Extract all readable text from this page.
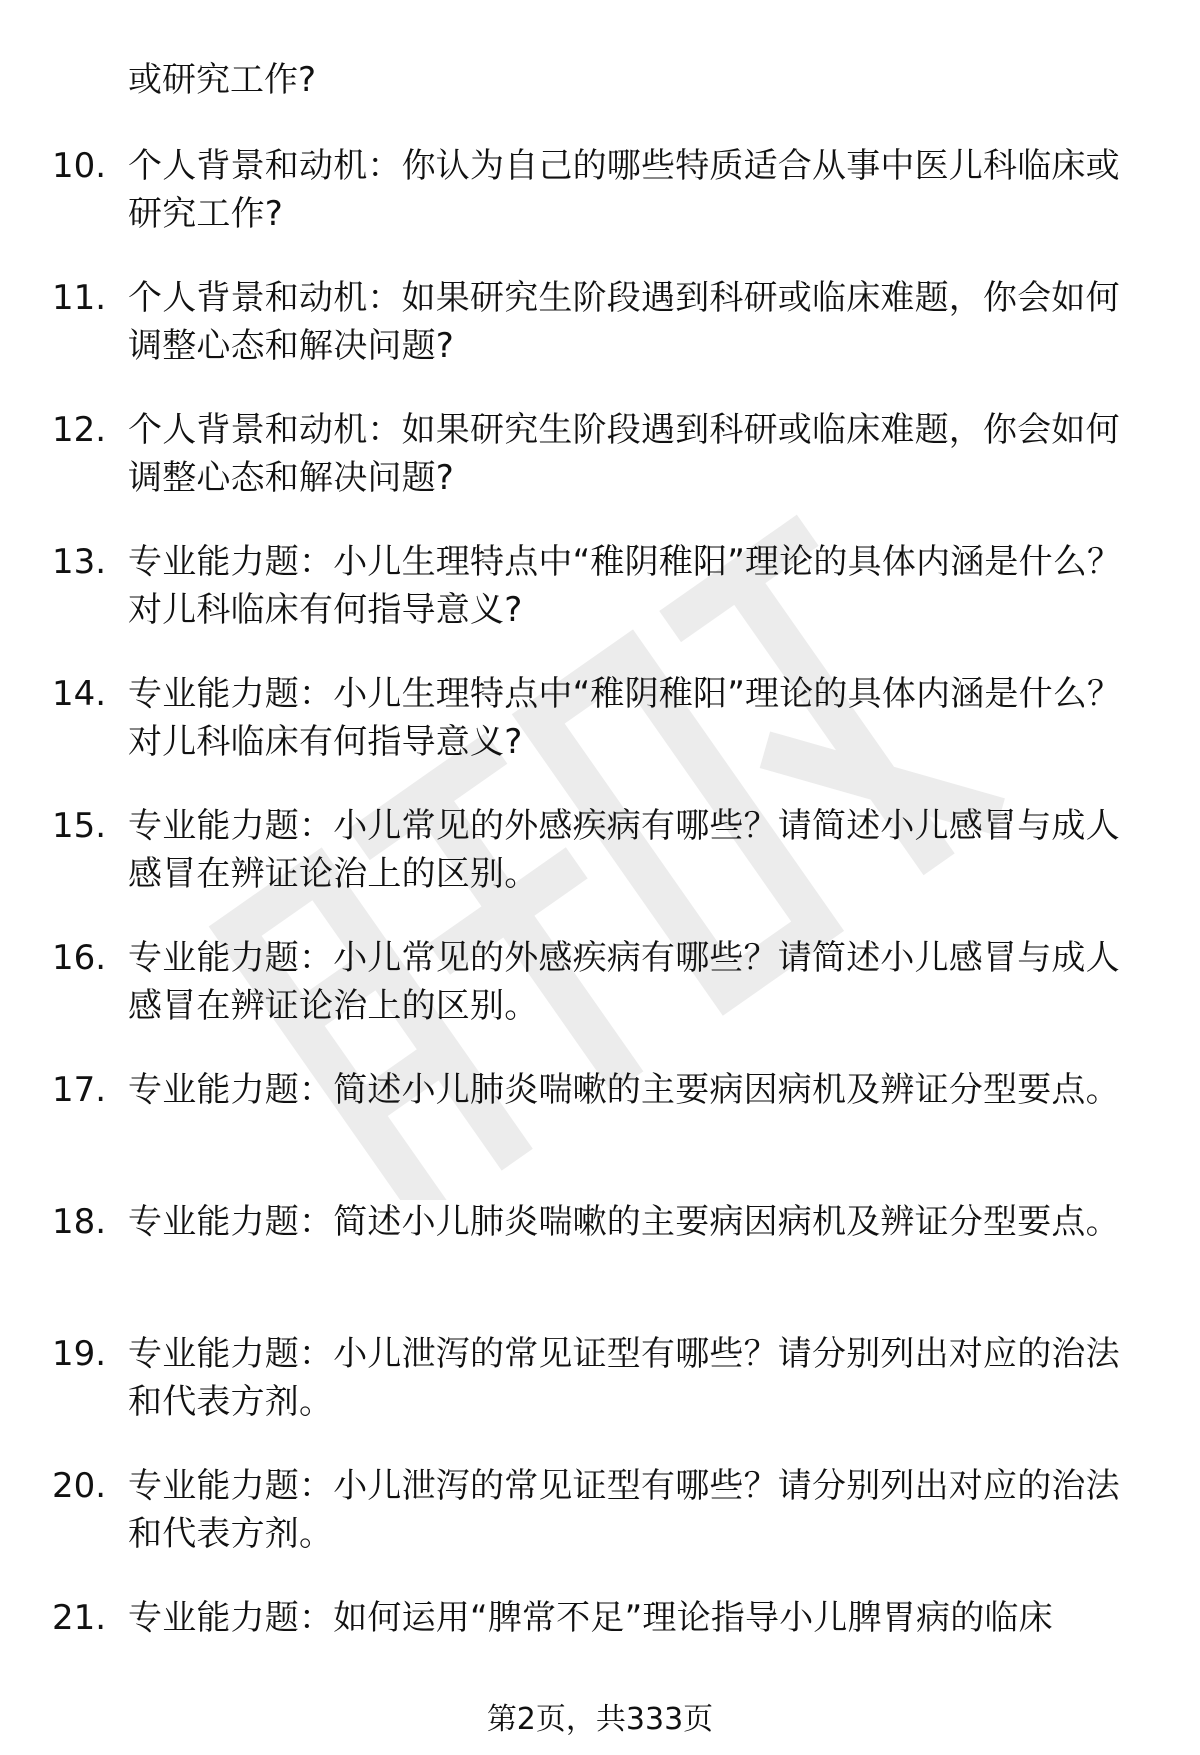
或研究工作?
10. 个人背景和动机：你认为自己的哪些特质适合从事中医儿科临床或研究工作?
11. 个人背景和动机：如果研究生阶段遇到科研或临床难题，你会如何调整心态和解决问题?
12. 个人背景和动机：如果研究生阶段遇到科研或临床难题，你会如何调整心态和解决问题?
13. 专业能力题：小儿生理特点中“稚阴稚阳”理论的具体内涵是什么？对儿科临床有何指导意义?
14. 专业能力题：小儿生理特点中“稚阴稚阳”理论的具体内涵是什么？对儿科临床有何指导意义?
15. 专业能力题：小儿常见的外感疾病有哪些？请简述小儿感冒与成人感冒在辨证论治上的区别。
16. 专业能力题：小儿常见的外感疾病有哪些？请简述小儿感冒与成人感冒在辨证论治上的区别。
17. 专业能力题：简述小儿肺炎喘嗽的主要病因病机及辨证分型要点。
18. 专业能力题：简述小儿肺炎喘嗽的主要病因病机及辨证分型要点。
19. 专业能力题：小儿泄泻的常见证型有哪些？请分别列出对应的治法和代表方剂。
20. 专业能力题：小儿泄泻的常见证型有哪些？请分别列出对应的治法和代表方剂。
21. 专业能力题：如何运用“脾常不足”理论指导小儿脾胃病的临床
第2页，共333页
